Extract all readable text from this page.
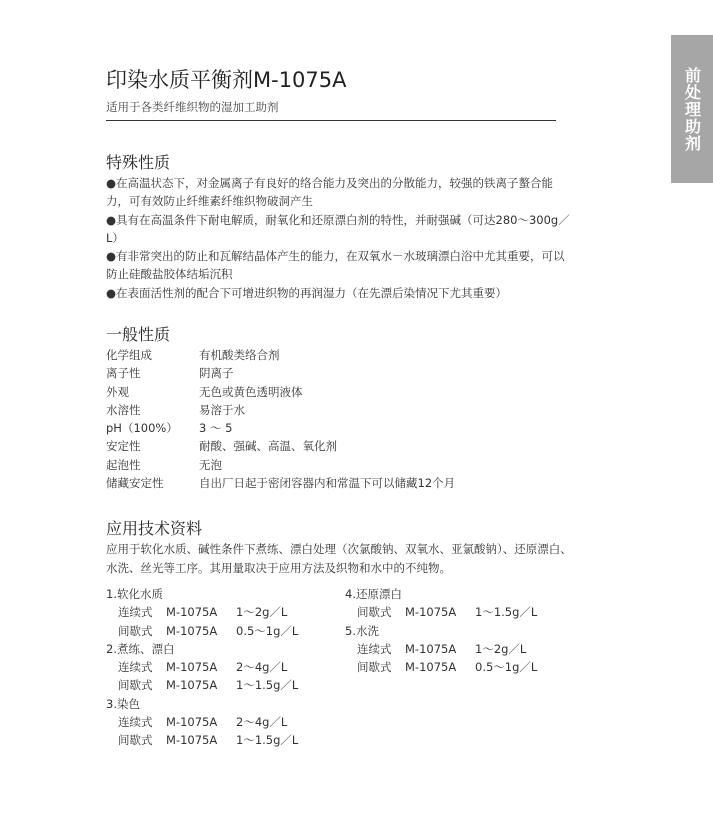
前处理助剂
印染水质平衡剂M-1075A
适用于各类纤维织物的湿加工助剂
特殊性质

●在高温状态下，对金属离子有良好的络合能力及突出的分散能力，较强的铁离子螯合能力，可有效防止纤维素纤维织物破洞产生

●具有在高温条件下耐电解质，耐氧化和还原漂白剂的特性，并耐强碱（可达280～300g／L）

●有非常突出的防止和瓦解结晶体产生的能力，在双氧水－水玻璃漂白浴中尤其重要，可以防止硅酸盐胶体结垢沉积

●在表面活性剂的配合下可增进织物的再润湿力（在先漂后染情况下尤其重要）

一般性质
化学组成	有机酸类络合剂
离子性	阴离子
外观	无色或黄色透明液体
水溶性	易溶于水
pH（100%） 3 ～ 5
安定性	耐酸、强碱、高温、氧化剂
起泡性	无泡
储藏安定性	自出厂日起于密闭容器内和常温下可以储藏12个月
应用技术资料
应用于软化水质、碱性条件下煮练、漂白处理（次氯酸钠、双氧水、亚氯酸钠）、还原漂白、水洗、丝光等工序。其用量取决于应用方法及织物和水中的不纯物。
1.软化水质
连续式 M-1075A 1～2g／L
间歇式 M-1075A 0.5～1g／L
2.煮练、漂白
连续式 M-1075A 2～4g／L
间歇式 M-1075A 1～1.5g／L
3.染色
连续式 M-1075A 2～4g／L
间歇式 M-1075A 1～1.5g／L
4.还原漂白
间歇式 M-1075A 1～1.5g／L
5.水洗
连续式 M-1075A 1～2g／L
间歇式 M-1075A 0.5～1g／L
